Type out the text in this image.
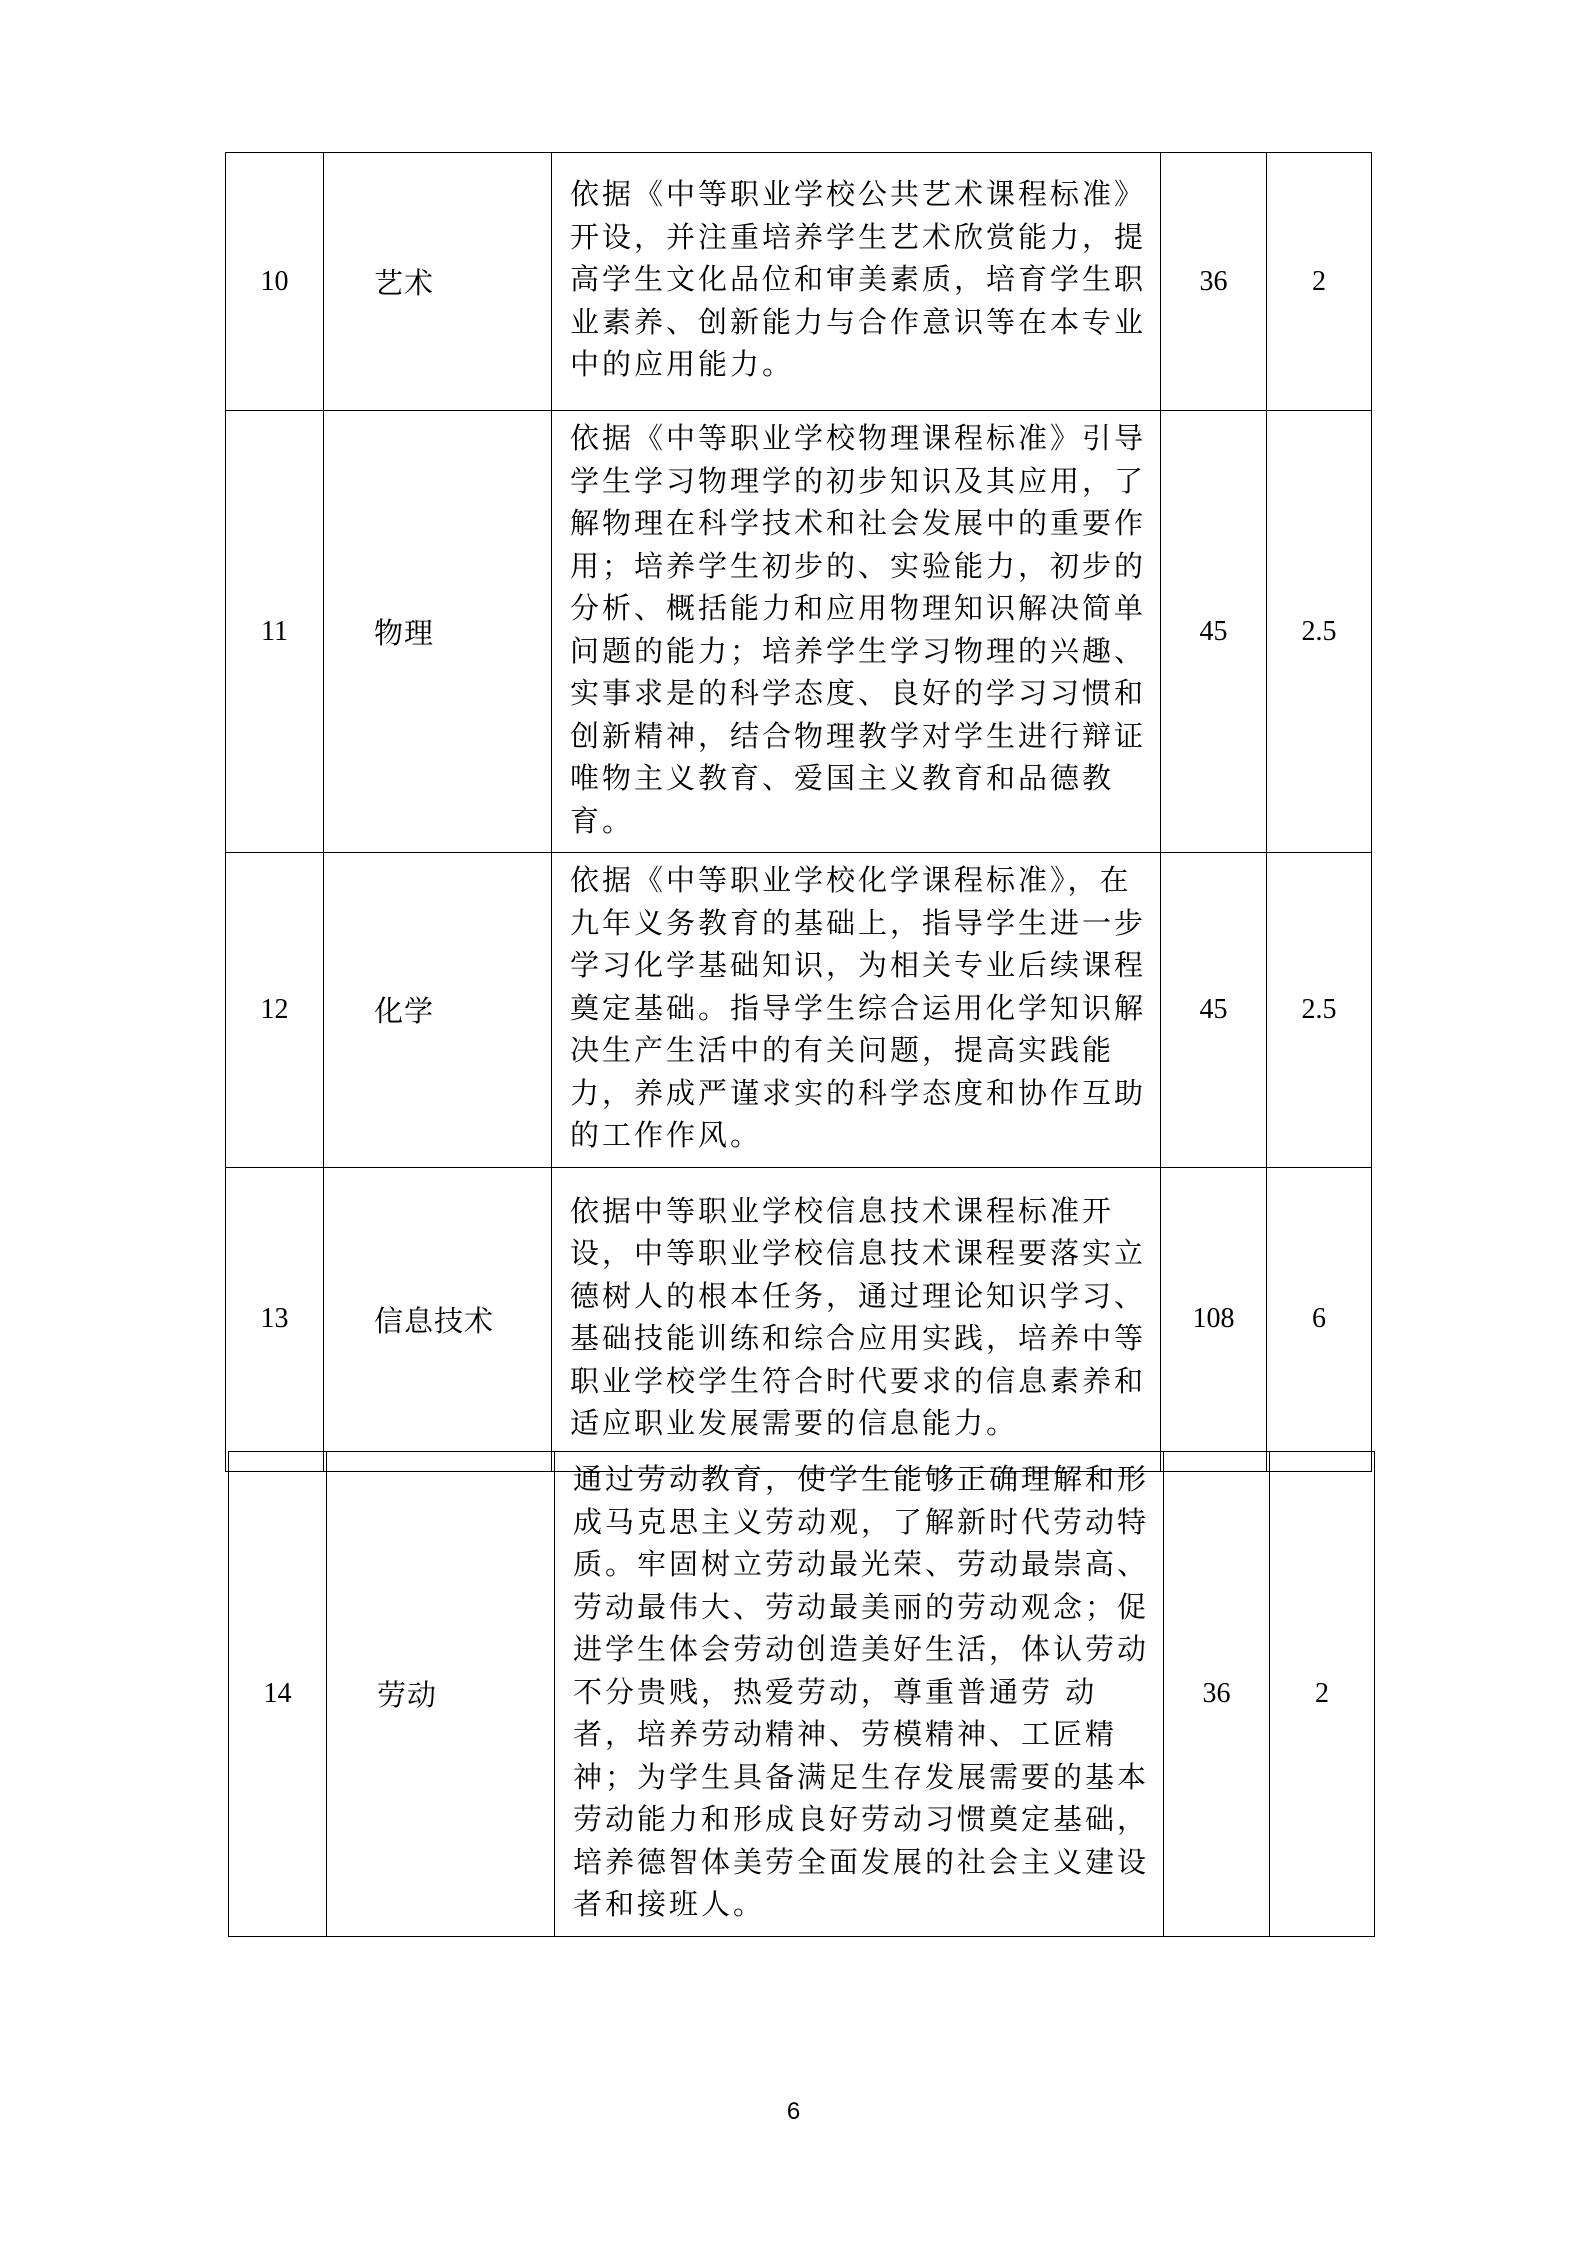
10	艺术	依据《中等职业学校公共艺术课程标准》开设，并注重培养学生艺术欣赏能力，提高学生文化品位和审美素质，培育学生职业素养、创新能力与合作意识等在本专业中的应用能力。	36	2
11	物理	依据《中等职业学校物理课程标准》引导学生学习物理学的初步知识及其应用，了解物理在科学技术和社会发展中的重要作用；培养学生初步的、实验能力，初步的分析、概括能力和应用物理知识解决简单问题的能力；培养学生学习物理的兴趣、实事求是的科学态度、良好的学习习惯和创新精神，结合物理教学对学生进行辩证唯物主义教育、爱国主义教育和品德教育。	45	2.5
12	化学	依据《中等职业学校化学课程标准》，在九年义务教育的基础上，指导学生进一步学习化学基础知识，为相关专业后续课程奠定基础。指导学生综合运用化学知识解决生产生活中的有关问题，提高实践能力，养成严谨求实的科学态度和协作互助的工作作风。	45	2.5
13	信息技术	依据中等职业学校信息技术课程标准开设，中等职业学校信息技术课程要落实立德树人的根本任务，通过理论知识学习、基础技能训练和综合应用实践，培养中等职业学校学生符合时代要求的信息素养和适应职业发展需要的信息能力。	108	6
14	劳动	通过劳动教育，使学生能够正确理解和形成马克思主义劳动观，了解新时代劳动特质。牢固树立劳动最光荣、劳动最崇高、劳动最伟大、劳动最美丽的劳动观念；促进学生体会劳动创造美好生活，体认劳动不分贵贱，热爱劳动，尊重普通劳 动者，培养劳动精神、劳模精神、工匠精神；为学生具备满足生存发展需要的基本劳动能力和形成良好劳动习惯奠定基础，培养德智体美劳全面发展的社会主义建设者和接班人。	36	2
6
